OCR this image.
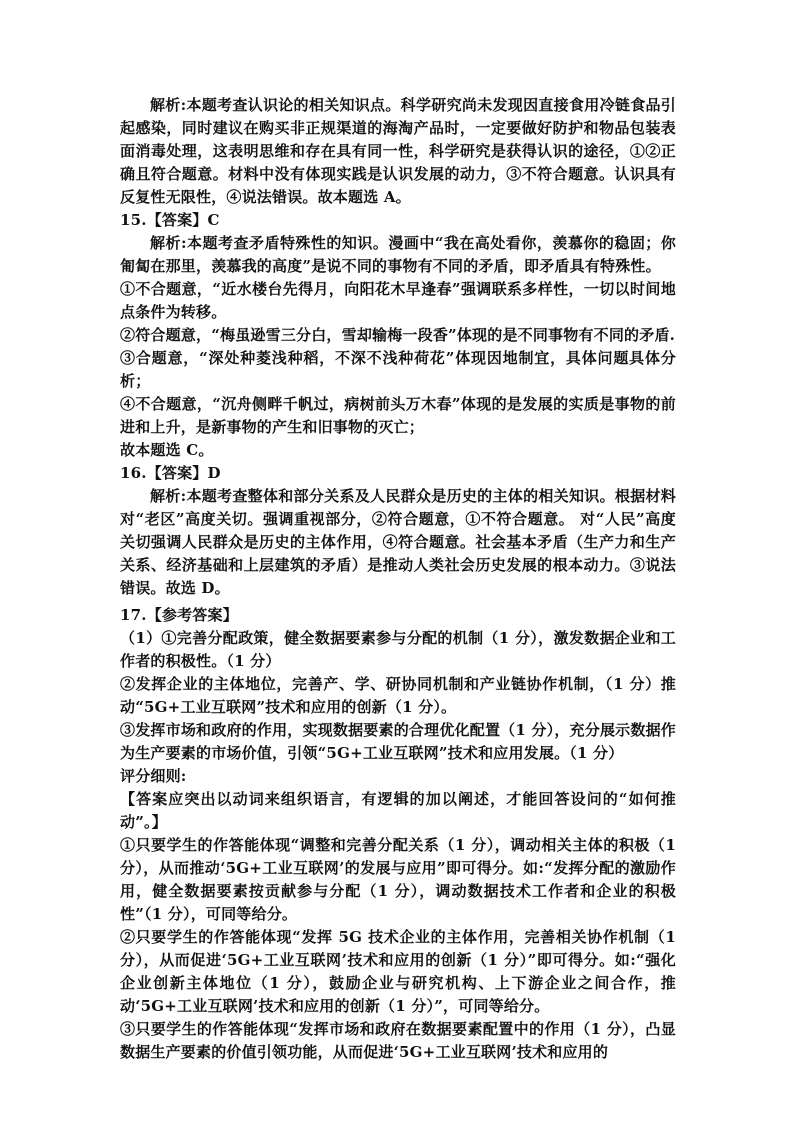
解析:本题考查认识论的相关知识点。科学研究尚未发现因直接食用冷链食品引起感染，同时建议在购买非正规渠道的海淘产品时，一定要做好防护和物品包装表面消毒处理，这表明思维和存在具有同一性，科学研究是获得认识的途径，①②正确且符合题意。材料中没有体现实践是认识发展的动力，③不符合题意。认识具有反复性无限性，④说法错误。故本题选 A。

15.【答案】C

解析:本题考查矛盾特殊性的知识。漫画中“我在高处看你，羡慕你的稳固；你匍匐在那里，羡慕我的高度”是说不同的事物有不同的矛盾，即矛盾具有特殊性。

①不合题意，“近水楼台先得月，向阳花木早逢春”强调联系多样性，一切以时间地点条件为转移。

②符合题意，“梅虽逊雪三分白，雪却输梅一段香”体现的是不同事物有不同的矛盾.

③合题意，“深处种菱浅种稻，不深不浅种荷花”体现因地制宜，具体问题具体分析；

④不合题意，“沉舟侧畔千帆过，病树前头万木春”体现的是发展的实质是事物的前进和上升，是新事物的产生和旧事物的灭亡；

故本题选 C。

16.【答案】D

解析:本题考查整体和部分关系及人民群众是历史的主体的相关知识。根据材料对“老区”高度关切。强调重视部分，②符合题意，①不符合题意。 对“人民”高度关切强调人民群众是历史的主体作用，④符合题意。社会基本矛盾（生产力和生产关系、经济基础和上层建筑的矛盾）是推动人类社会历史发展的根本动力。③说法错误。故选 D。

17.【参考答案】

（1）①完善分配政策，健全数据要素参与分配的机制（1 分），激发数据企业和工作者的积极性。（1 分）

②发挥企业的主体地位，完善产、学、研协同机制和产业链协作机制，（1 分）推动“5G+工业互联网”技术和应用的创新（1 分）。

③发挥市场和政府的作用，实现数据要素的合理优化配置（1 分），充分展示数据作为生产要素的市场价值，引领“5G+工业互联网”技术和应用发展。（1 分）

评分细则:

【答案应突出以动词来组织语言，有逻辑的加以阐述，才能回答设问的“如何推动”。】

①只要学生的作答能体现“调整和完善分配关系（1 分），调动相关主体的积极（1 分），从而推动‘5G+工业互联网’的发展与应用”即可得分。如:“发挥分配的激励作用，健全数据要素按贡献参与分配（1 分），调动数据技术工作者和企业的积极性”（1 分），可同等给分。

②只要学生的作答能体现“发挥 5G 技术企业的主体作用，完善相关协作机制（1 分），从而促进‘5G+工业互联网’技术和应用的创新（1 分）”即可得分。如:“强化企业创新主体地位（1 分），鼓励企业与研究机构、上下游企业之间合作，推动‘5G+工业互联网’技术和应用的创新（1 分）”，可同等给分。

③只要学生的作答能体现“发挥市场和政府在数据要素配置中的作用（1 分），凸显数据生产要素的价值引领功能，从而促进‘5G+工业互联网’技术和应用的
